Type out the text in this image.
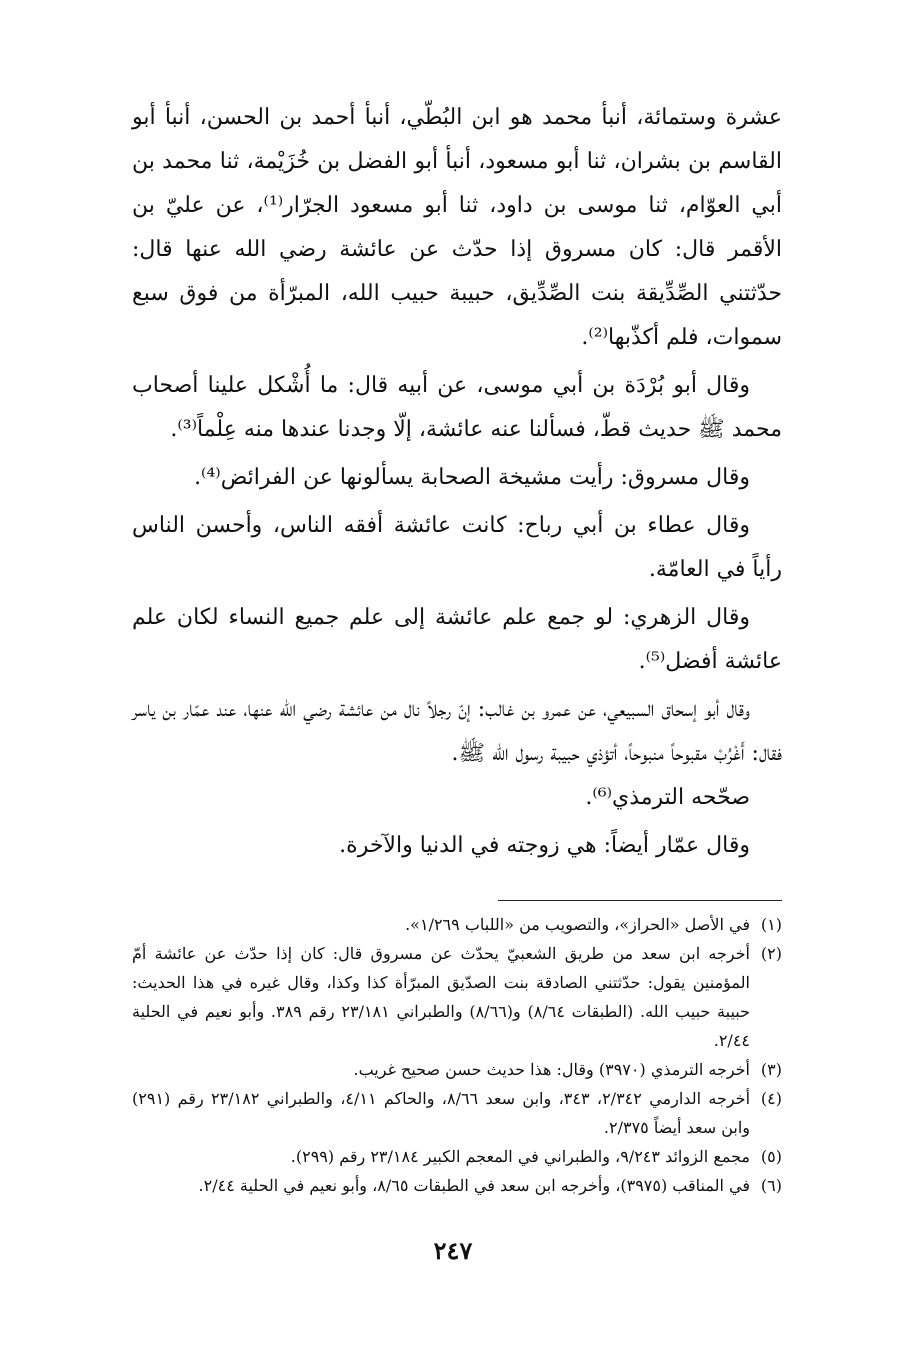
عشرة وستمائة، أنبأ محمد هو ابن البُطّي، أنبأ أحمد بن الحسن، أنبأ أبو القاسم بن بشران، ثنا أبو مسعود، أنبأ أبو الفضل بن خُزَيْمة، ثنا محمد بن أبي العوّام، ثنا موسى بن داود، ثنا أبو مسعود الجرّار⁽¹⁾، عن عليّ بن الأقمر قال: كان مسروق إذا حدّث عن عائشة رضي الله عنها قال: حدّثتني الصِّدِّيقة بنت الصِّدِّيق، حبيبة حبيب الله، المبرّأة من فوق سبع سموات، فلم أكذّبها⁽²⁾.

وقال أبو بُرْدَة بن أبي موسى، عن أبيه قال: ما أُشْكل علينا أصحاب محمد ﷺ حديث قطّ، فسألنا عنه عائشة، إلّا وجدنا عندها منه عِلْماً⁽³⁾.

وقال مسروق: رأيت مشيخة الصحابة يسألونها عن الفرائض⁽⁴⁾.

وقال عطاء بن أبي رباح: كانت عائشة أفقه الناس، وأحسن الناس رأياً في العامّة.

وقال الزهري: لو جمع علم عائشة إلى علم جميع النساء لكان علم عائشة أفضل⁽⁵⁾.

وقال أبو إسحاق السبيعي، عن عمرو بن غالب: إنّ رجلاً نال من عائشة رضي الله عنها، عند عمّار بن ياسر فقال: أَغْرُبْ مقبوحاً منبوحاً، أتؤذي حبيبة رسول الله ﷺ.

صحّحه الترمذي⁽⁶⁾.

وقال عمّار أيضاً: هي زوجته في الدنيا والآخرة.

(١)
في الأصل «الحراز»، والتصويب من «اللباب ١/٢٦٩».

(٢)
أخرجه ابن سعد من طريق الشعبيّ يحدّث عن مسروق قال: كان إذا حدّث عن عائشة أمّ المؤمنين يقول: حدّثتني الصادقة بنت الصدّيق المبرّأة كذا وكذا، وقال غيره في هذا الحديث: حبيبة حبيب الله. (الطبقات ٨/٦٤) و(٨/٦٦) والطبراني ٢٣/١٨١ رقم ٣٨٩. وأبو نعيم في الحلية ٢/٤٤.

(٣)
أخرجه الترمذي (٣٩٧٠) وقال: هذا حديث حسن صحيح غريب.

(٤)
أخرجه الدارمي ٢/٣٤٢، ٣٤٣، وابن سعد ٨/٦٦، والحاكم ٤/١١، والطبراني ٢٣/١٨٢ رقم (٢٩١) وابن سعد أيضاً ٢/٣٧٥.

(٥)
مجمع الزوائد ٩/٢٤٣، والطبراني في المعجم الكبير ٢٣/١٨٤ رقم (٢٩٩).

(٦)
في المناقب (٣٩٧٥)، وأخرجه ابن سعد في الطبقات ٨/٦٥، وأبو نعيم في الحلية ٢/٤٤.

٢٤٧
